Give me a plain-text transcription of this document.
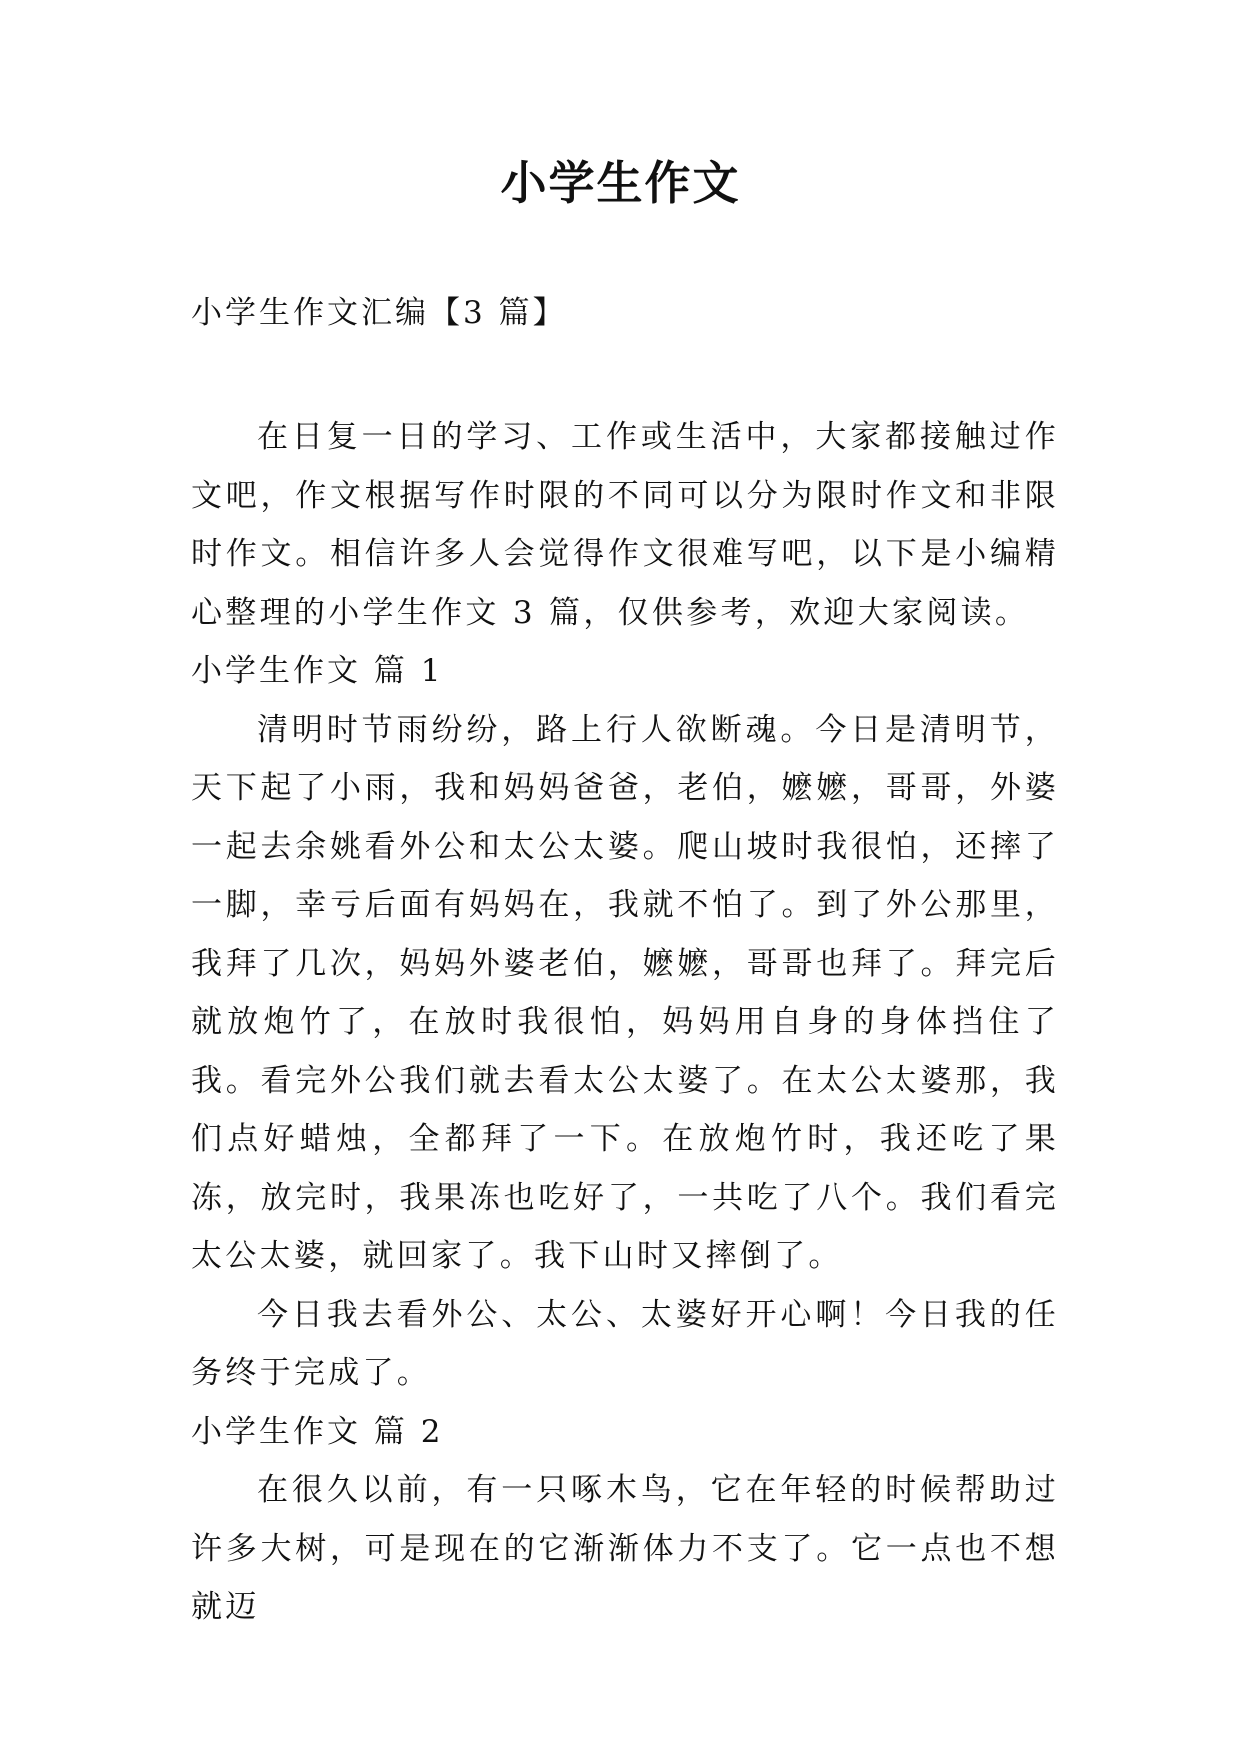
小学生作文
小学生作文汇编【3 篇】

在日复一日的学习、工作或生活中，大家都接触过作文吧，作文根据写作时限的不同可以分为限时作文和非限时作文。相信许多人会觉得作文很难写吧，以下是小编精心整理的小学生作文 3 篇，仅供参考，欢迎大家阅读。

小学生作文 篇 1

清明时节雨纷纷，路上行人欲断魂。今日是清明节，天下起了小雨，我和妈妈爸爸，老伯，嬷嬷，哥哥，外婆一起去余姚看外公和太公太婆。爬山坡时我很怕，还摔了一脚，幸亏后面有妈妈在，我就不怕了。到了外公那里，我拜了几次，妈妈外婆老伯，嬷嬷，哥哥也拜了。拜完后就放炮竹了，在放时我很怕，妈妈用自身的身体挡住了我。看完外公我们就去看太公太婆了。在太公太婆那，我们点好蜡烛，全都拜了一下。在放炮竹时，我还吃了果冻，放完时，我果冻也吃好了，一共吃了八个。我们看完太公太婆，就回家了。我下山时又摔倒了。

今日我去看外公、太公、太婆好开心啊！今日我的任务终于完成了。

小学生作文 篇 2

在很久以前，有一只啄木鸟，它在年轻的时候帮助过许多大树，可是现在的它渐渐体力不支了。它一点也不想就迈
